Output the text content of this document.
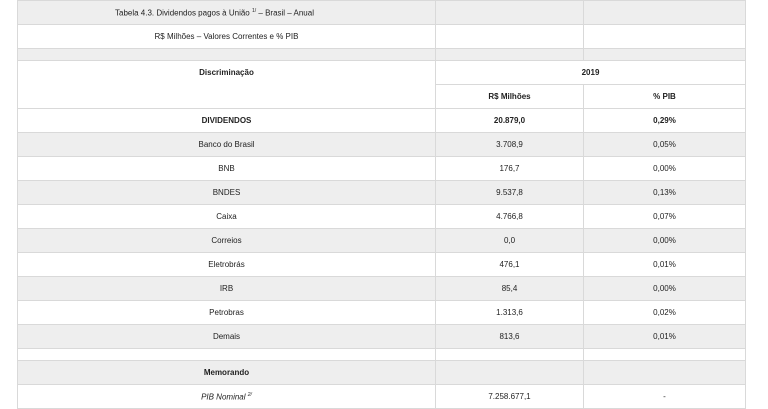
Tabela 4.3. Dividendos pagos à União $^{1/}$ – Brasil – Anual		
R$ Milhões – Valores Correntes e % PIB		

Discriminação	2019	
	R$ Milhões	% PIB
DIVIDENDOS	20.879,0	0,29%
Banco do Brasil	3.708,9	0,05%
BNB	176,7	0,00%
BNDES	9.537,8	0,13%
Caixa	4.766,8	0,07%
Correios	0,0	0,00%
Eletrobrás	476,1	0,01%
IRB	85,4	0,00%
Petrobras	1.313,6	0,02%
Demais	813,6	0,01%

Memorando		
PIB Nominal $^{2/}$	7.258.677,1	-
